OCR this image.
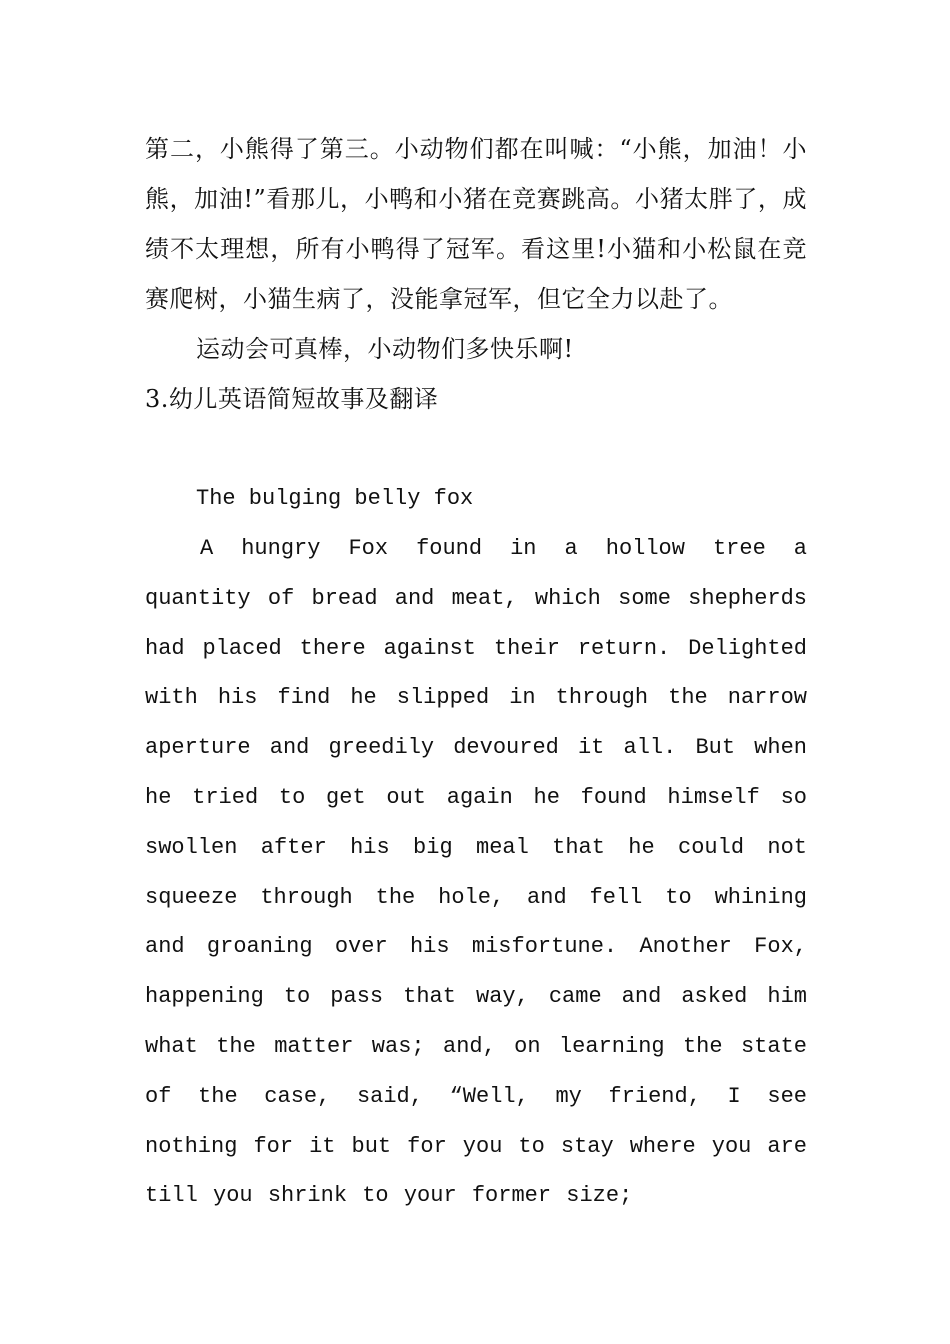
第二，小熊得了第三。小动物们都在叫喊：“小熊，加油！小熊，加油!”看那儿，小鸭和小猪在竞赛跳高。小猪太胖了，成绩不太理想，所有小鸭得了冠军。看这里!小猫和小松鼠在竞赛爬树，小猫生病了，没能拿冠军，但它全力以赴了。

运动会可真棒，小动物们多快乐啊!

3.幼儿英语简短故事及翻译

The bulging belly fox

A hungry Fox found in a hollow tree a quantity of bread and meat, which some shepherds had placed there against their return. Delighted with his find he slipped in through the narrow aperture and greedily devoured it all. But when he tried to get out again he found himself so swollen after his big meal that he could not squeeze through the hole, and fell to whining and groaning over his misfortune. Another Fox, happening to pass that way, came and asked him what the matter was; and, on learning the state of the case, said, “Well, my friend, I see nothing for it but for you to stay where you are till you shrink to your former size;
